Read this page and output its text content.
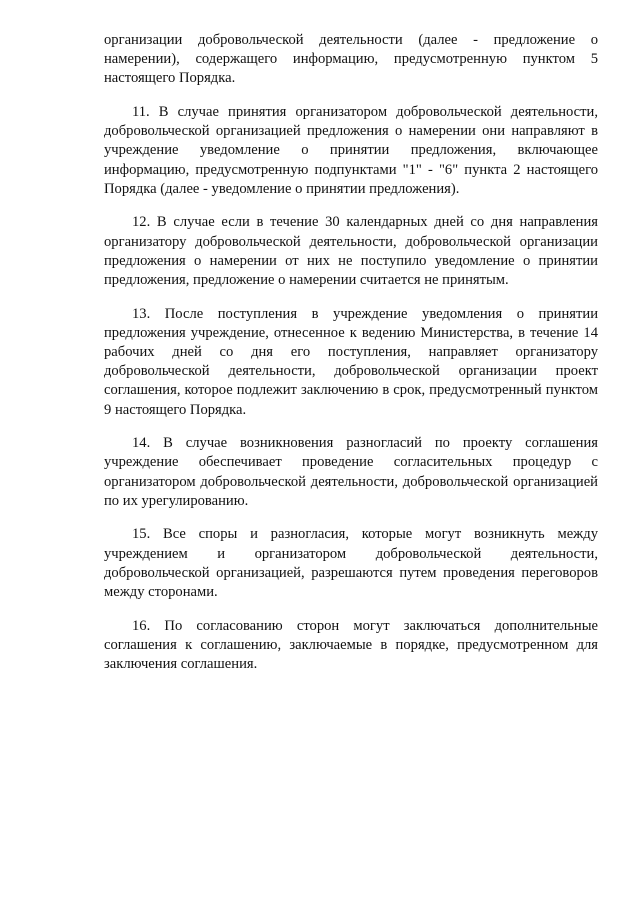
организации добровольческой деятельности (далее - предложение о намерении), содержащего информацию, предусмотренную пунктом 5 настоящего Порядка.

11. В случае принятия организатором добровольческой деятельности, добровольческой организацией предложения о намерении они направляют в учреждение уведомление о принятии предложения, включающее информацию, предусмотренную подпунктами "1" - "6" пункта 2 настоящего Порядка (далее - уведомление о принятии предложения).

12. В случае если в течение 30 календарных дней со дня направления организатору добровольческой деятельности, добровольческой организации предложения о намерении от них не поступило уведомление о принятии предложения, предложение о намерении считается не принятым.

13. После поступления в учреждение уведомления о принятии предложения учреждение, отнесенное к ведению Министерства, в течение 14 рабочих дней со дня его поступления, направляет организатору добровольческой деятельности, добровольческой организации проект соглашения, которое подлежит заключению в срок, предусмотренный пунктом 9 настоящего Порядка.

14. В случае возникновения разногласий по проекту соглашения учреждение обеспечивает проведение согласительных процедур с организатором добровольческой деятельности, добровольческой организацией по их урегулированию.

15. Все споры и разногласия, которые могут возникнуть между учреждением и организатором добровольческой деятельности, добровольческой организацией, разрешаются путем проведения переговоров между сторонами.

16. По согласованию сторон могут заключаться дополнительные соглашения к соглашению, заключаемые в порядке, предусмотренном для заключения соглашения.
